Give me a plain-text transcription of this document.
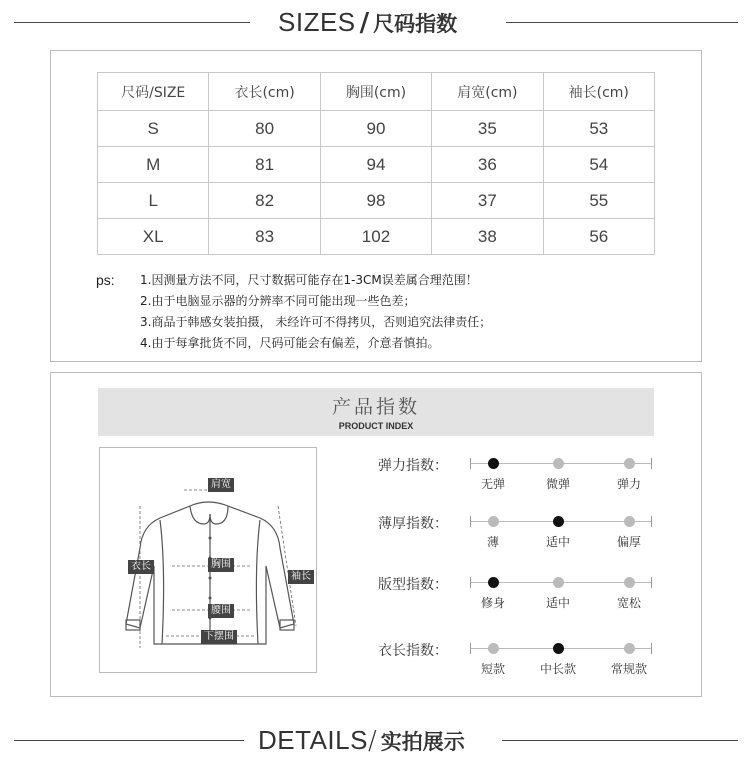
SIZES / 尺码指数
尺码/SIZE	衣长(cm)	胸围(cm)	肩宽(cm)	袖长(cm)
S	80	90	35	53
M	81	94	36	54
L	82	98	37	55
XL	83	102	38	56
ps: 1.因测量方法不同，尺寸数据可能存在1-3CM误差属合理范围！
2.由于电脑显示器的分辨率不同可能出现一些色差；
3.商品于韩感女装拍摄， 未经许可不得拷贝，否则追究法律责任；
4.由于每拿批货不同，尺码可能会有偏差，介意者慎拍。
产品指数
PRODUCT INDEX
肩宽
衣长	胸围
袖长
腰围
下摆围
弹力指数：
无弹	微弹	弹力
薄厚指数：
薄	适中	偏厚
版型指数：
修身	适中	宽松
衣长指数：
短款	中长款	常规款
DETAILS/ 实拍展示
